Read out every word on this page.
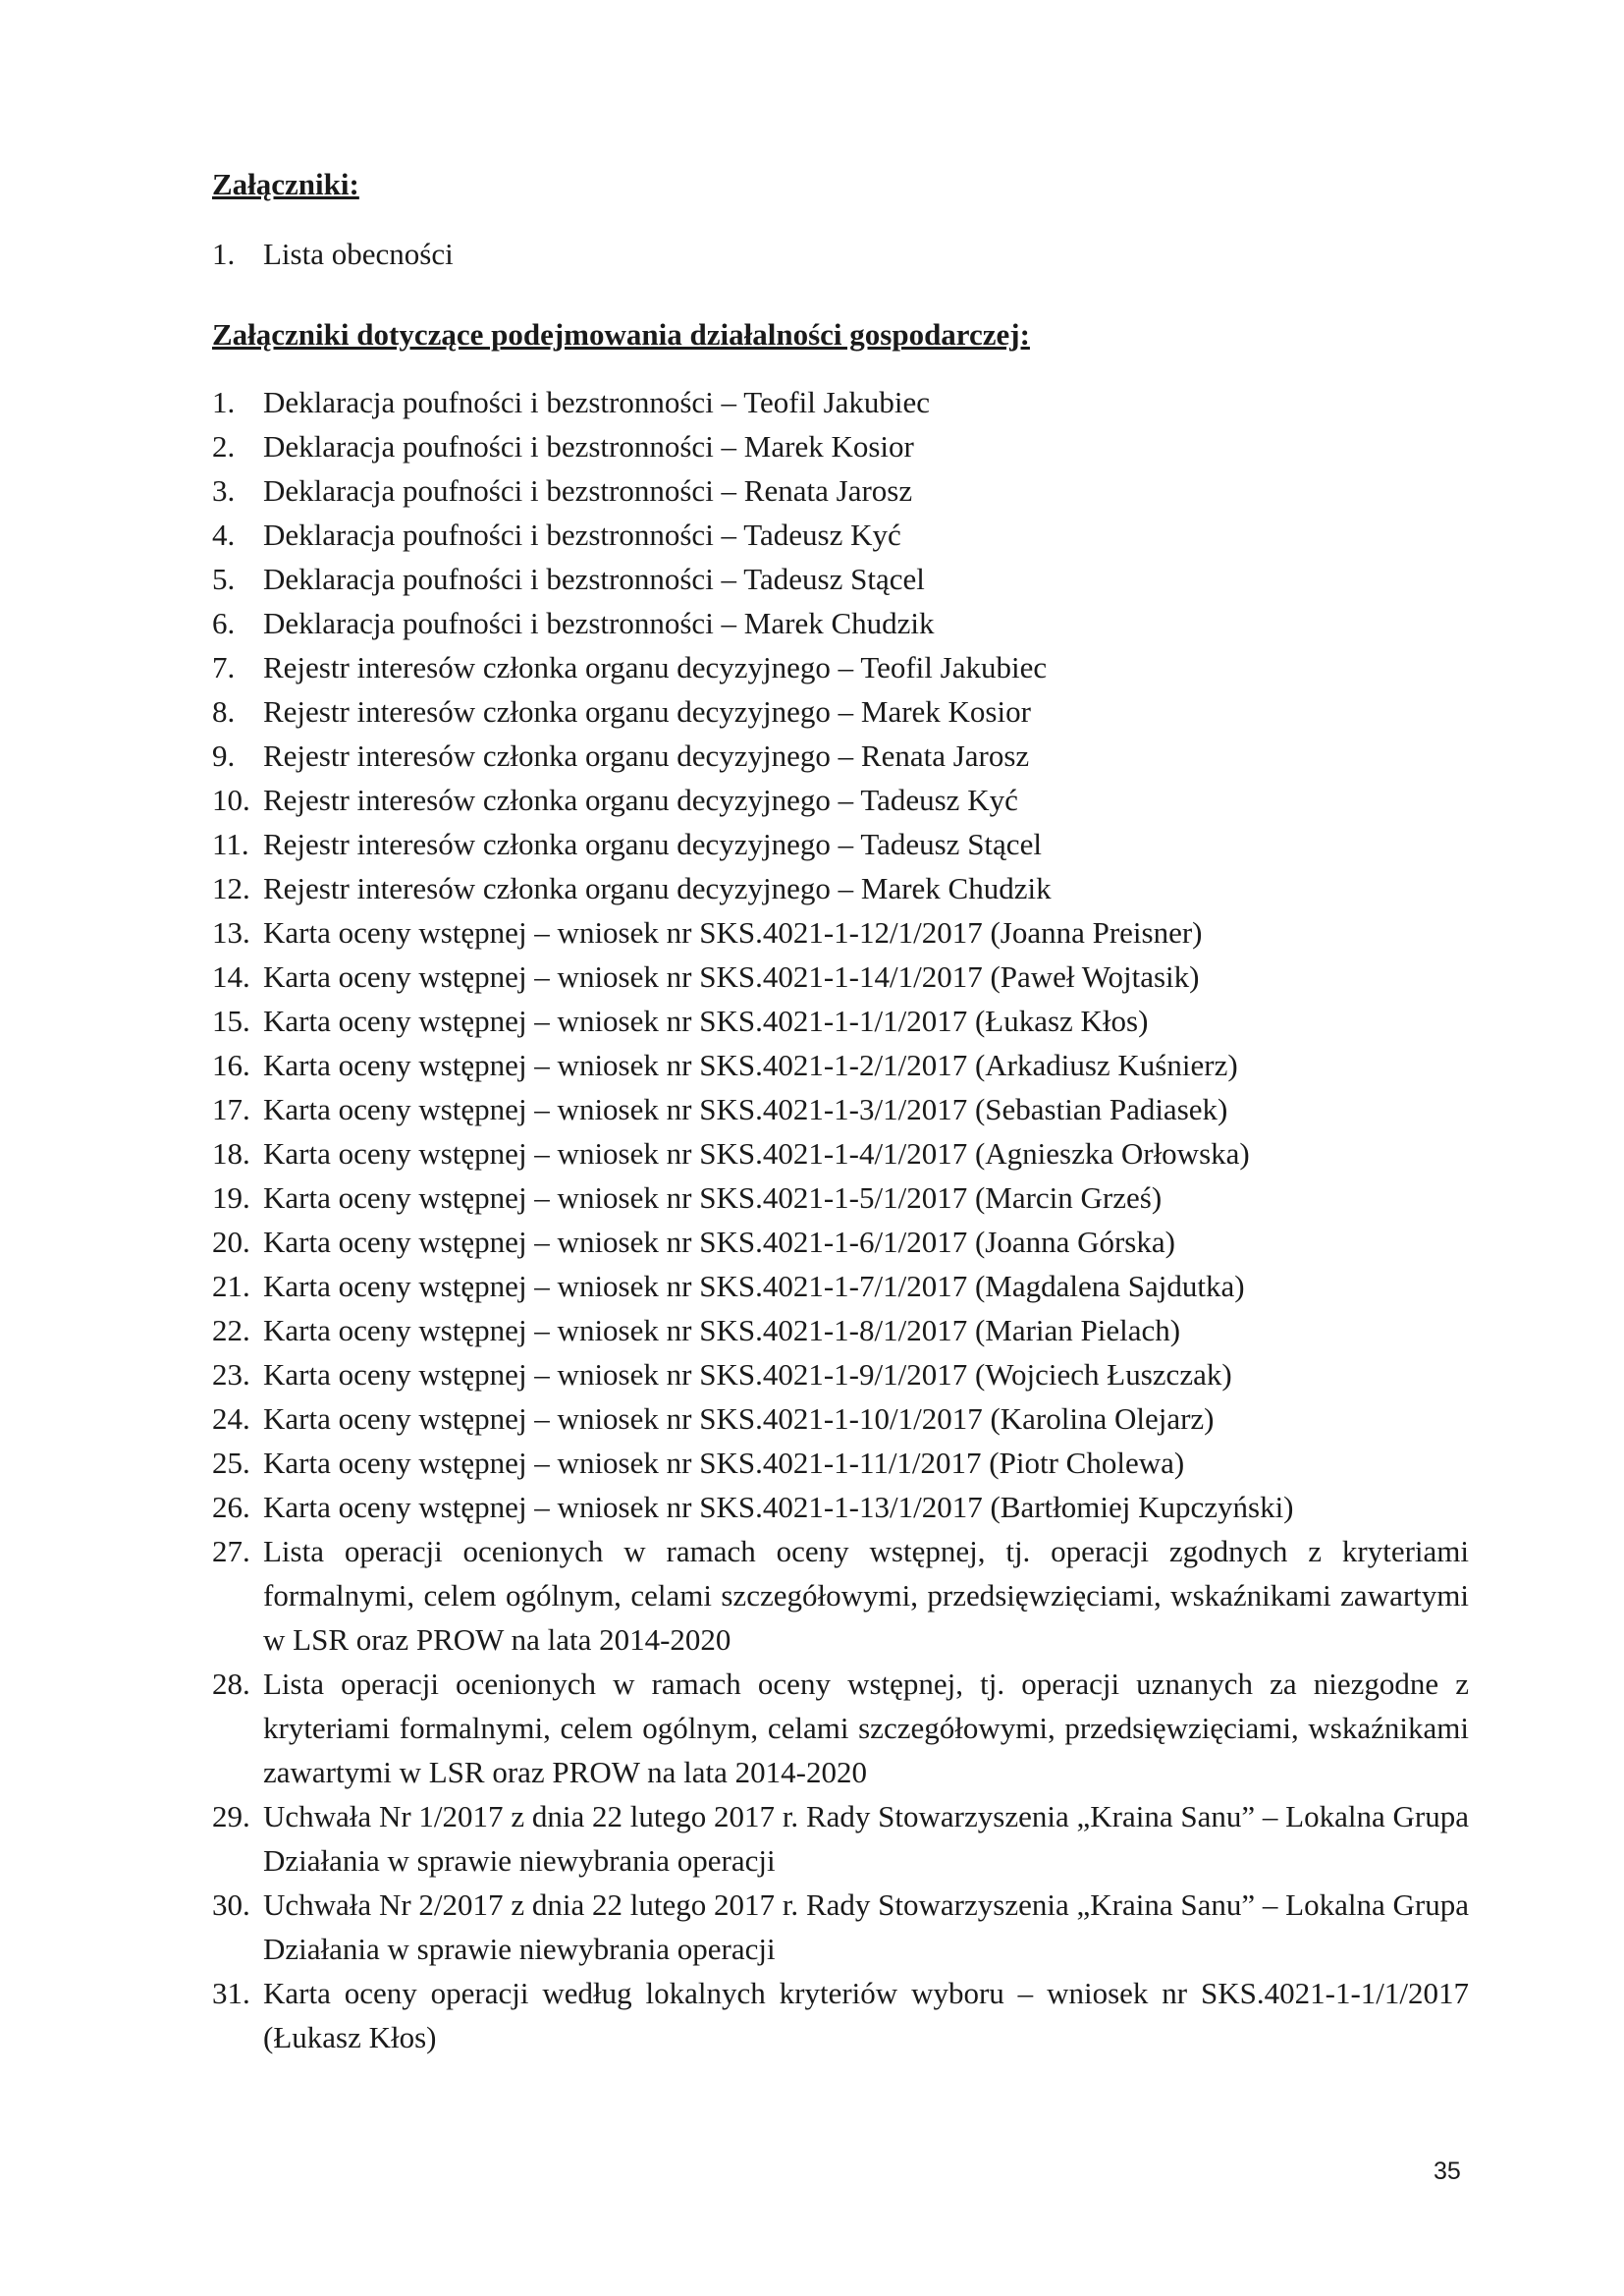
Załączniki:

1. Lista obecności

Załączniki dotyczące podejmowania działalności gospodarczej:

1. Deklaracja poufności i bezstronności – Teofil Jakubiec
2. Deklaracja poufności i bezstronności – Marek Kosior
3. Deklaracja poufności i bezstronności – Renata Jarosz
4. Deklaracja poufności i bezstronności – Tadeusz Kyć
5. Deklaracja poufności i bezstronności – Tadeusz Stącel
6. Deklaracja poufności i bezstronności – Marek Chudzik
7. Rejestr interesów członka organu decyzyjnego – Teofil Jakubiec
8. Rejestr interesów członka organu decyzyjnego – Marek Kosior
9. Rejestr interesów członka organu decyzyjnego – Renata Jarosz
10. Rejestr interesów członka organu decyzyjnego – Tadeusz Kyć
11. Rejestr interesów członka organu decyzyjnego – Tadeusz Stącel
12. Rejestr interesów członka organu decyzyjnego – Marek Chudzik
13. Karta oceny wstępnej – wniosek nr SKS.4021-1-12/1/2017 (Joanna Preisner)
14. Karta oceny wstępnej – wniosek nr SKS.4021-1-14/1/2017 (Paweł Wojtasik)
15. Karta oceny wstępnej – wniosek nr SKS.4021-1-1/1/2017 (Łukasz Kłos)
16. Karta oceny wstępnej – wniosek nr SKS.4021-1-2/1/2017 (Arkadiusz Kuśnierz)
17. Karta oceny wstępnej – wniosek nr SKS.4021-1-3/1/2017 (Sebastian Padiasek)
18. Karta oceny wstępnej – wniosek nr SKS.4021-1-4/1/2017 (Agnieszka Orłowska)
19. Karta oceny wstępnej – wniosek nr SKS.4021-1-5/1/2017 (Marcin Grześ)
20. Karta oceny wstępnej – wniosek nr SKS.4021-1-6/1/2017 (Joanna Górska)
21. Karta oceny wstępnej – wniosek nr SKS.4021-1-7/1/2017 (Magdalena Sajdutka)
22. Karta oceny wstępnej – wniosek nr SKS.4021-1-8/1/2017 (Marian Pielach)
23. Karta oceny wstępnej – wniosek nr SKS.4021-1-9/1/2017 (Wojciech Łuszczak)
24. Karta oceny wstępnej – wniosek nr SKS.4021-1-10/1/2017 (Karolina Olejarz)
25. Karta oceny wstępnej – wniosek nr SKS.4021-1-11/1/2017 (Piotr Cholewa)
26. Karta oceny wstępnej – wniosek nr SKS.4021-1-13/1/2017 (Bartłomiej Kupczyński)
27. Lista operacji ocenionych w ramach oceny wstępnej, tj. operacji zgodnych z kryteriami formalnymi, celem ogólnym, celami szczegółowymi, przedsięwzięciami, wskaźnikami zawartymi w LSR oraz PROW na lata 2014-2020
28. Lista operacji ocenionych w ramach oceny wstępnej, tj. operacji uznanych za niezgodne z kryteriami formalnymi, celem ogólnym, celami szczegółowymi, przedsięwzięciami, wskaźnikami zawartymi w LSR oraz PROW na lata 2014-2020
29. Uchwała Nr 1/2017 z dnia 22 lutego 2017 r. Rady Stowarzyszenia „Kraina Sanu” – Lokalna Grupa Działania w sprawie niewybrania operacji
30. Uchwała Nr 2/2017 z dnia 22 lutego 2017 r. Rady Stowarzyszenia „Kraina Sanu” – Lokalna Grupa Działania w sprawie niewybrania operacji
31. Karta oceny operacji według lokalnych kryteriów wyboru – wniosek nr SKS.4021-1-1/1/2017 (Łukasz Kłos)
35
